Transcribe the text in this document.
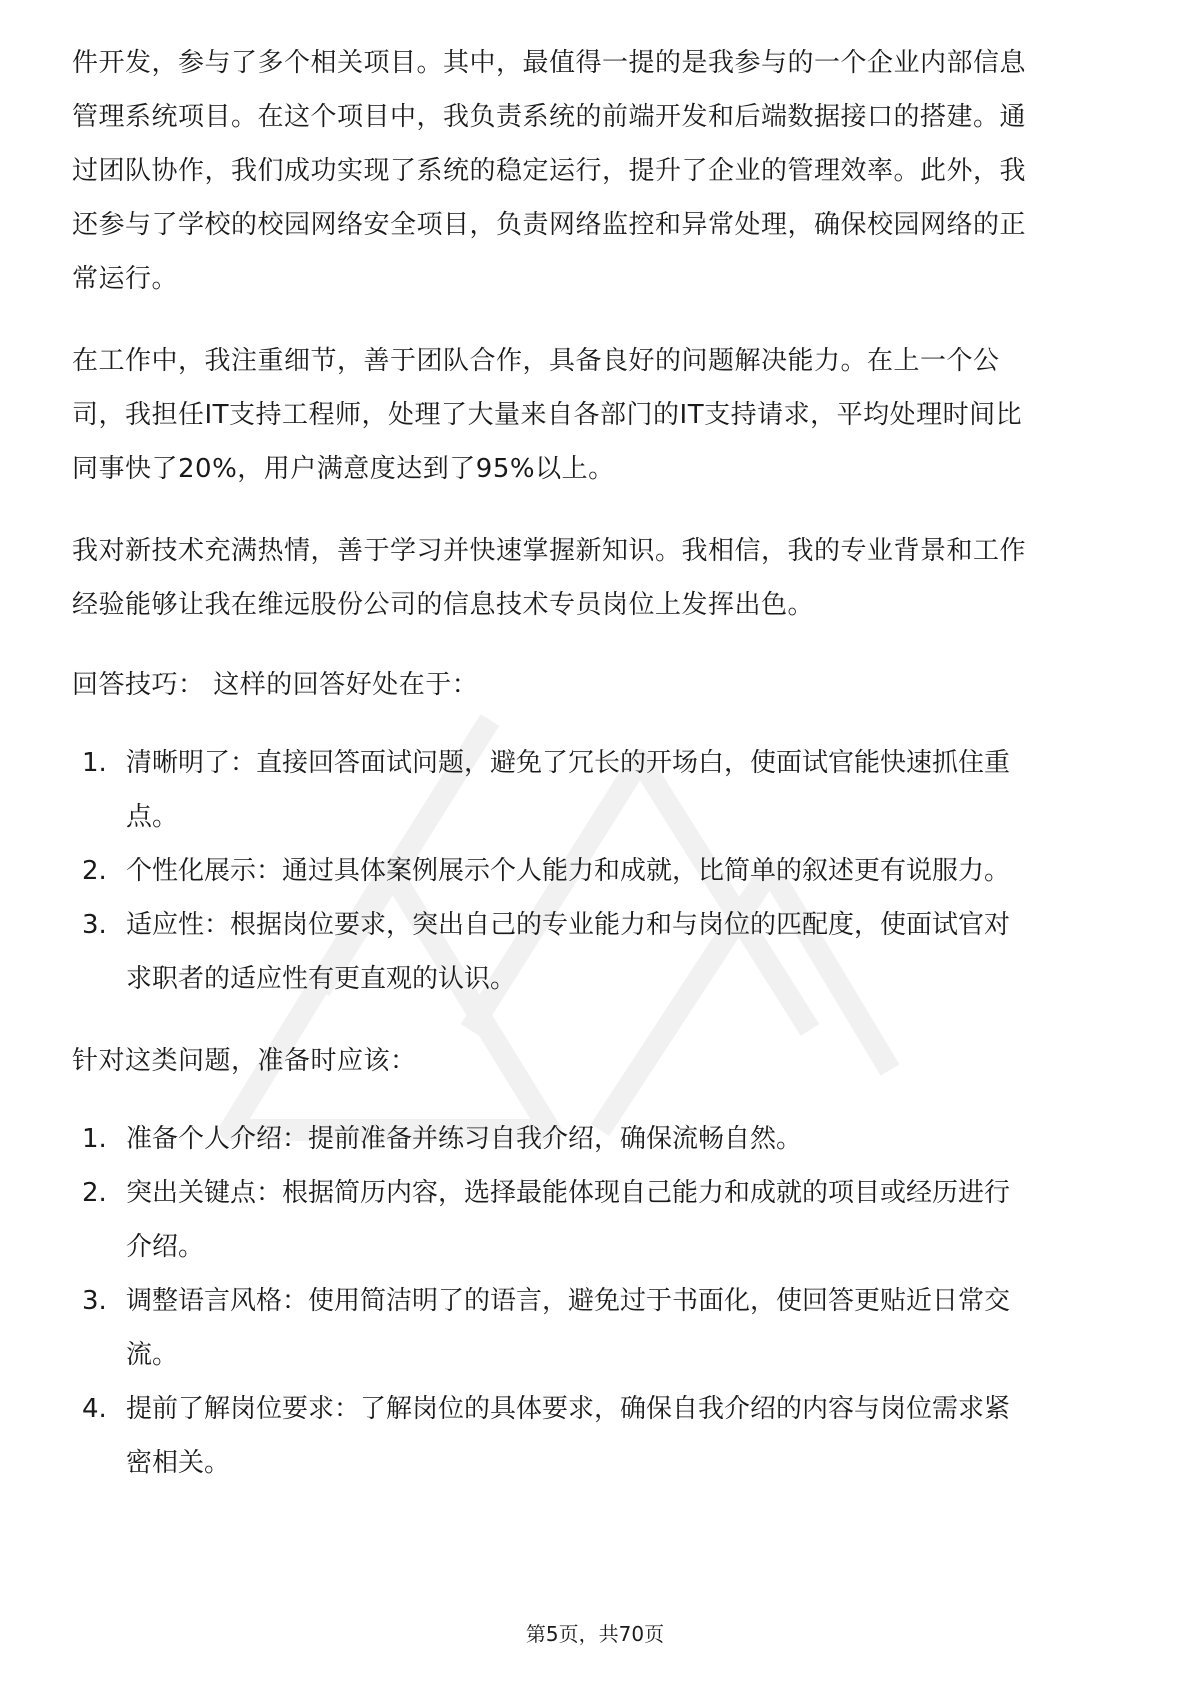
件开发，参与了多个相关项目。其中，最值得一提的是我参与的一个企业内部信息
管理系统项目。在这个项目中，我负责系统的前端开发和后端数据接口的搭建。通
过团队协作，我们成功实现了系统的稳定运行，提升了企业的管理效率。此外，我
还参与了学校的校园网络安全项目，负责网络监控和异常处理，确保校园网络的正
常运行。
在工作中，我注重细节，善于团队合作，具备良好的问题解决能力。在上一个公
司，我担任IT支持工程师，处理了大量来自各部门的IT支持请求，平均处理时间比
同事快了20%，用户满意度达到了95%以上。
我对新技术充满热情，善于学习并快速掌握新知识。我相信，我的专业背景和工作
经验能够让我在维远股份公司的信息技术专员岗位上发挥出色。
回答技巧： 这样的回答好处在于：
1. 清晰明了：直接回答面试问题，避免了冗长的开场白，使面试官能快速抓住重
点。
2. 个性化展示：通过具体案例展示个人能力和成就，比简单的叙述更有说服力。
3. 适应性：根据岗位要求，突出自己的专业能力和与岗位的匹配度，使面试官对
求职者的适应性有更直观的认识。
针对这类问题，准备时应该：
1. 准备个人介绍：提前准备并练习自我介绍，确保流畅自然。
2. 突出关键点：根据简历内容，选择最能体现自己能力和成就的项目或经历进行
介绍。
3. 调整语言风格：使用简洁明了的语言，避免过于书面化，使回答更贴近日常交
流。
4. 提前了解岗位要求：了解岗位的具体要求，确保自我介绍的内容与岗位需求紧
密相关。
第5页，共70页
